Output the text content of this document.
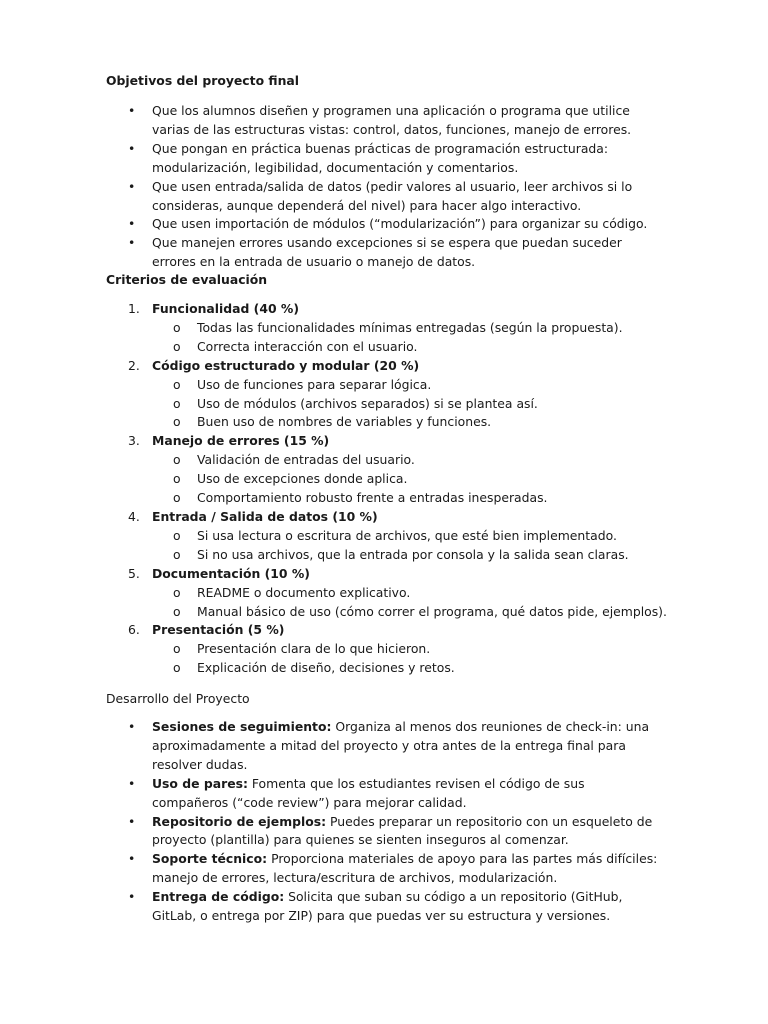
Objetivos del proyecto final

• Que los alumnos diseñen y programen una aplicación o programa que utilice varias de las estructuras vistas: control, datos, funciones, manejo de errores.
• Que pongan en práctica buenas prácticas de programación estructurada: modularización, legibilidad, documentación y comentarios.
• Que usen entrada/salida de datos (pedir valores al usuario, leer archivos si lo consideras, aunque dependerá del nivel) para hacer algo interactivo.
• Que usen importación de módulos (“modularización”) para organizar su código.
• Que manejen errores usando excepciones si se espera que puedan suceder errores en la entrada de usuario o manejo de datos.

Criterios de evaluación

1. Funcionalidad (40 %)
o Todas las funcionalidades mínimas entregadas (según la propuesta).
o Correcta interacción con el usuario.
2. Código estructurado y modular (20 %)
o Uso de funciones para separar lógica.
o Uso de módulos (archivos separados) si se plantea así.
o Buen uso de nombres de variables y funciones.
3. Manejo de errores (15 %)
o Validación de entradas del usuario.
o Uso de excepciones donde aplica.
o Comportamiento robusto frente a entradas inesperadas.
4. Entrada / Salida de datos (10 %)
o Si usa lectura o escritura de archivos, que esté bien implementado.
o Si no usa archivos, que la entrada por consola y la salida sean claras.
5. Documentación (10 %)
o README o documento explicativo.
o Manual básico de uso (cómo correr el programa, qué datos pide, ejemplos).
6. Presentación (5 %)
o Presentación clara de lo que hicieron.
o Explicación de diseño, decisiones y retos.

Desarrollo del Proyecto

• Sesiones de seguimiento: Organiza al menos dos reuniones de check-in: una aproximadamente a mitad del proyecto y otra antes de la entrega final para resolver dudas.
• Uso de pares: Fomenta que los estudiantes revisen el código de sus compañeros (“code review”) para mejorar calidad.
• Repositorio de ejemplos: Puedes preparar un repositorio con un esqueleto de proyecto (plantilla) para quienes se sienten inseguros al comenzar.
• Soporte técnico: Proporciona materiales de apoyo para las partes más difíciles: manejo de errores, lectura/escritura de archivos, modularización.
• Entrega de código: Solicita que suban su código a un repositorio (GitHub, GitLab, o entrega por ZIP) para que puedas ver su estructura y versiones.
